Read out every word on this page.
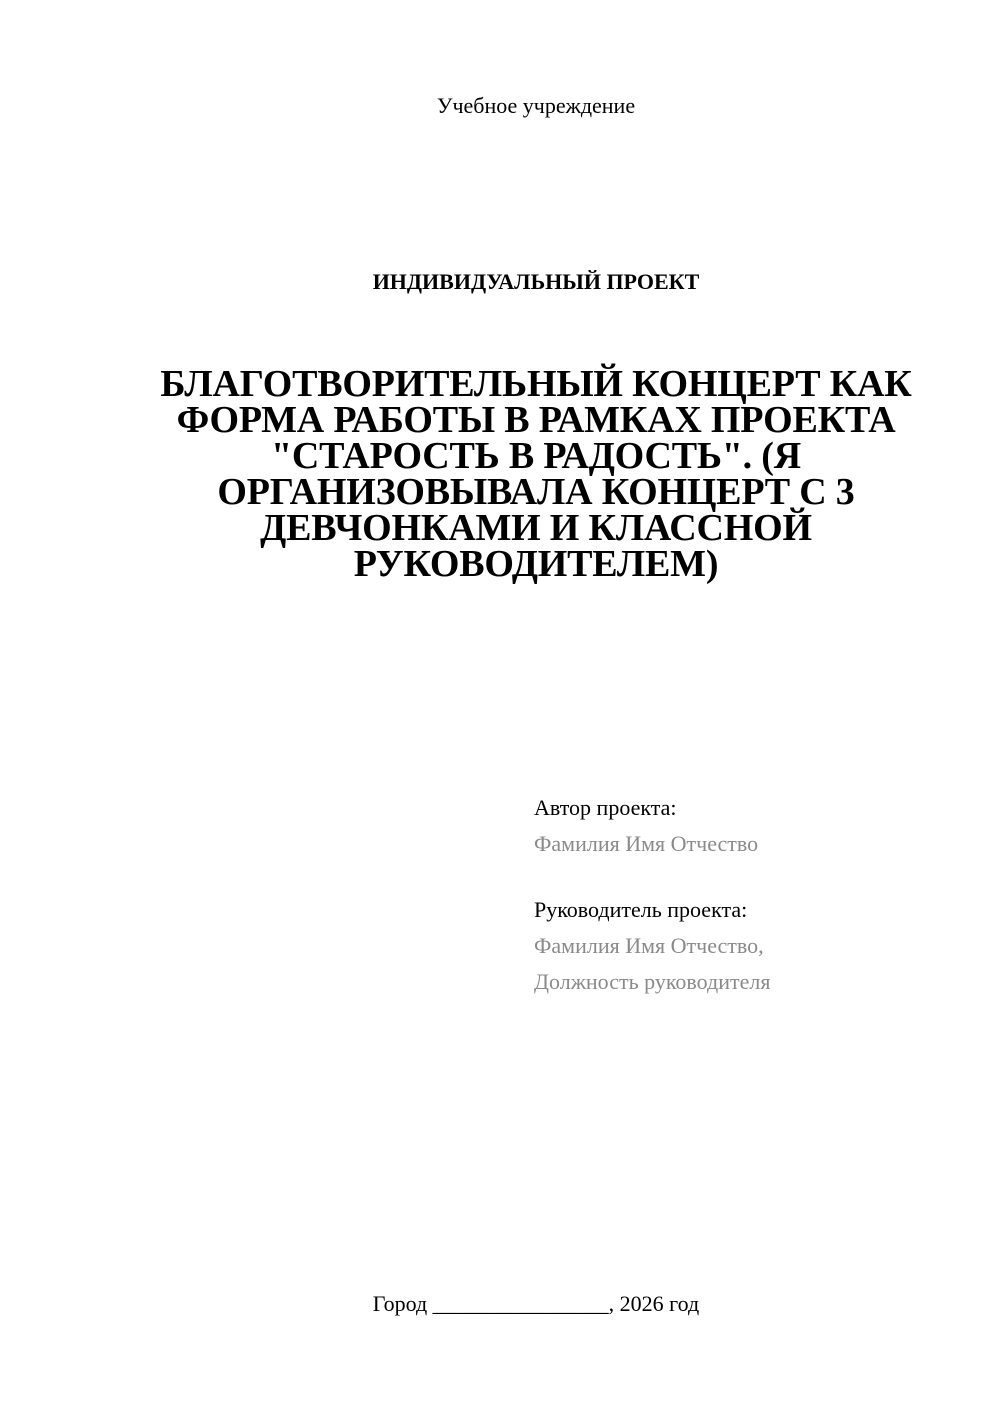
Учебное учреждение
ИНДИВИДУАЛЬНЫЙ ПРОЕКТ
БЛАГОТВОРИТЕЛЬНЫЙ КОНЦЕРТ КАК ФОРМА РАБОТЫ В РАМКАХ ПРОЕКТА "СТАРОСТЬ В РАДОСТЬ". (Я ОРГАНИЗОВЫВАЛА КОНЦЕРТ С 3 ДЕВЧОНКАМИ И КЛАССНОЙ РУКОВОДИТЕЛЕМ)
Автор проекта:
Фамилия Имя Отчество
Руководитель проекта:
Фамилия Имя Отчество,
Должность руководителя
Город ________________, 2026 год
